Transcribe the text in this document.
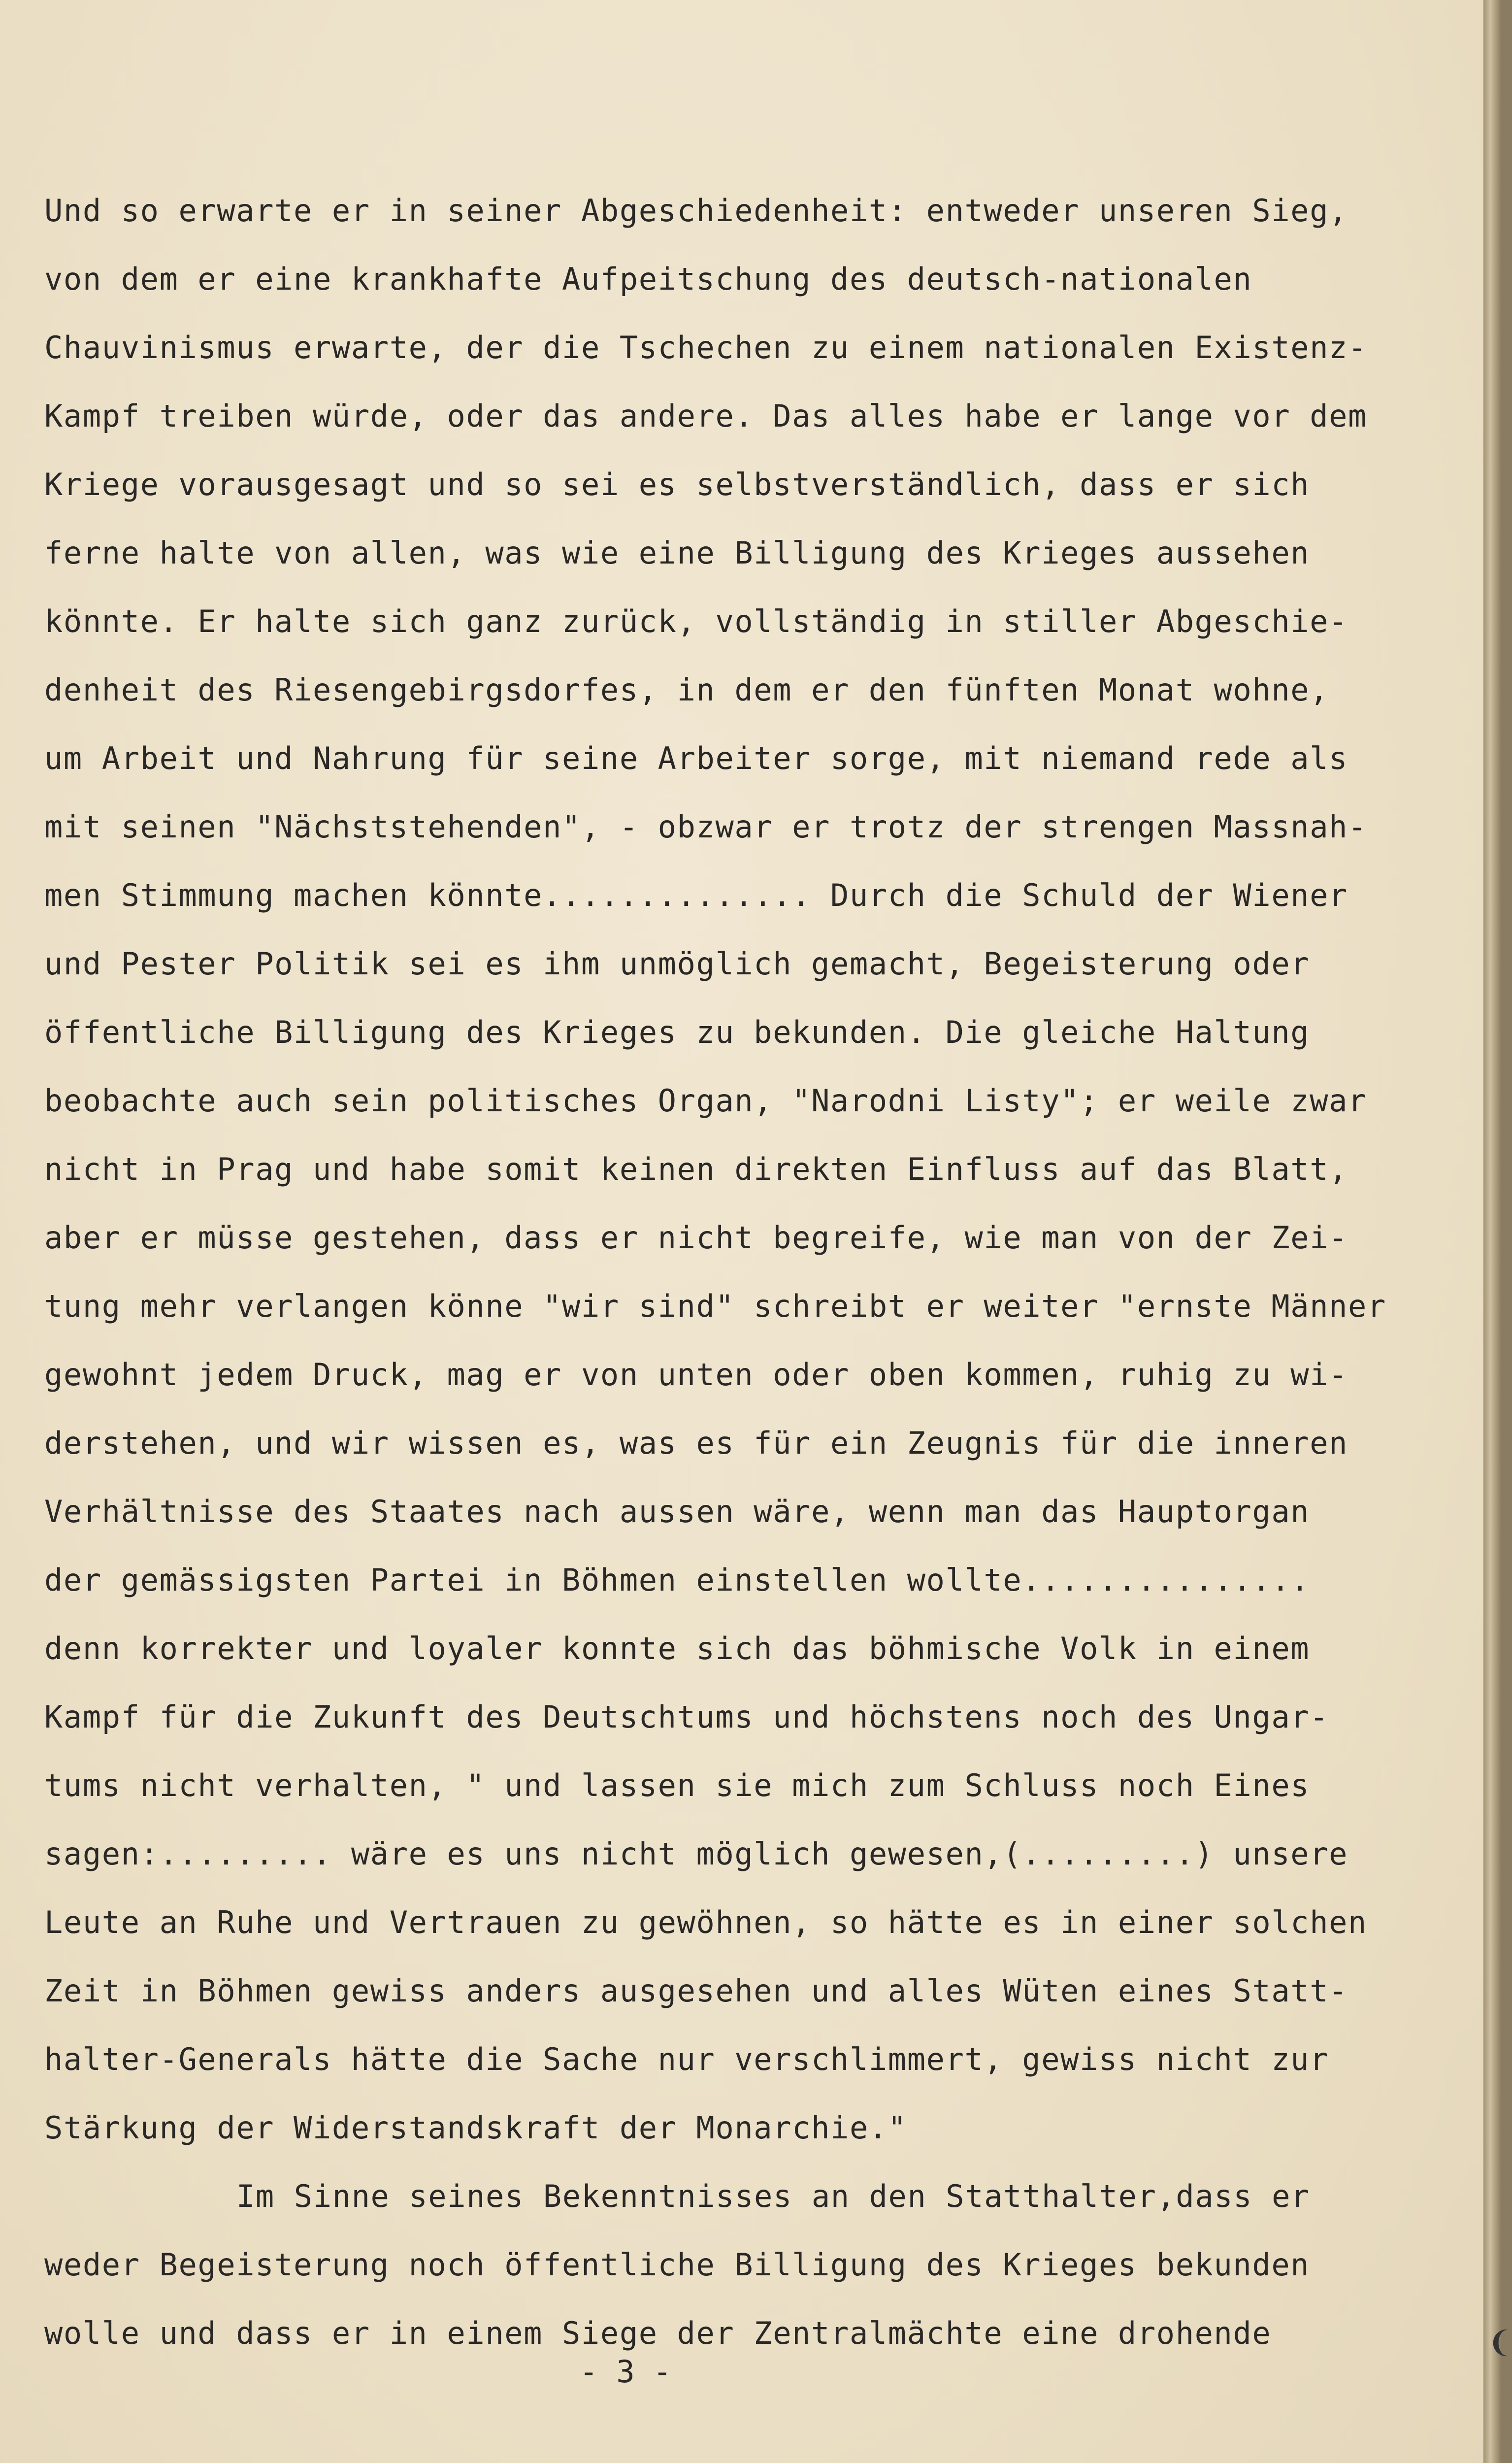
Und so erwarte er in seiner Abgeschiedenheit: entweder unseren Sieg,
von dem er eine krankhafte Aufpeitschung des deutsch-nationalen
Chauvinismus erwarte, der die Tschechen zu einem nationalen Existenz-
Kampf treiben würde, oder das andere. Das alles habe er lange vor dem
Kriege vorausgesagt und so sei es selbstverständlich, dass er sich
ferne halte von allen, was wie eine Billigung des Krieges aussehen
könnte. Er halte sich ganz zurück, vollständig in stiller Abgeschie-
denheit des Riesengebirgsdorfes, in dem er den fünften Monat wohne,
um Arbeit und Nahrung für seine Arbeiter sorge, mit niemand rede als
mit seinen "Nächststehenden", - obzwar er trotz der strengen Massnah-
men Stimmung machen könnte.............. Durch die Schuld der Wiener
und Pester Politik sei es ihm unmöglich gemacht, Begeisterung oder
öffentliche Billigung des Krieges zu bekunden. Die gleiche Haltung
beobachte auch sein politisches Organ, "Narodni Listy"; er weile zwar
nicht in Prag und habe somit keinen direkten Einfluss auf das Blatt,
aber er müsse gestehen, dass er nicht begreife, wie man von der Zei-
tung mehr verlangen könne "wir sind" schreibt er weiter "ernste Männer
gewohnt jedem Druck, mag er von unten oder oben kommen, ruhig zu wi-
derstehen, und wir wissen es, was es für ein Zeugnis für die inneren
Verhältnisse des Staates nach aussen wäre, wenn man das Hauptorgan
der gemässigsten Partei in Böhmen einstellen wollte...............
denn korrekter und loyaler konnte sich das böhmische Volk in einem
Kampf für die Zukunft des Deutschtums und höchstens noch des Ungar-
tums nicht verhalten, " und lassen sie mich zum Schluss noch Eines
sagen:......... wäre es uns nicht möglich gewesen,(.........) unsere
Leute an Ruhe und Vertrauen zu gewöhnen, so hätte es in einer solchen
Zeit in Böhmen gewiss anders ausgesehen und alles Wüten eines Statt-
halter-Generals hätte die Sache nur verschlimmert, gewiss nicht zur
Stärkung der Widerstandskraft der Monarchie."
Im Sinne seines Bekenntnisses an den Statthalter,dass er
weder Begeisterung noch öffentliche Billigung des Krieges bekunden
wolle und dass er in einem Siege der Zentralmächte eine drohende
- 3 -
❨
